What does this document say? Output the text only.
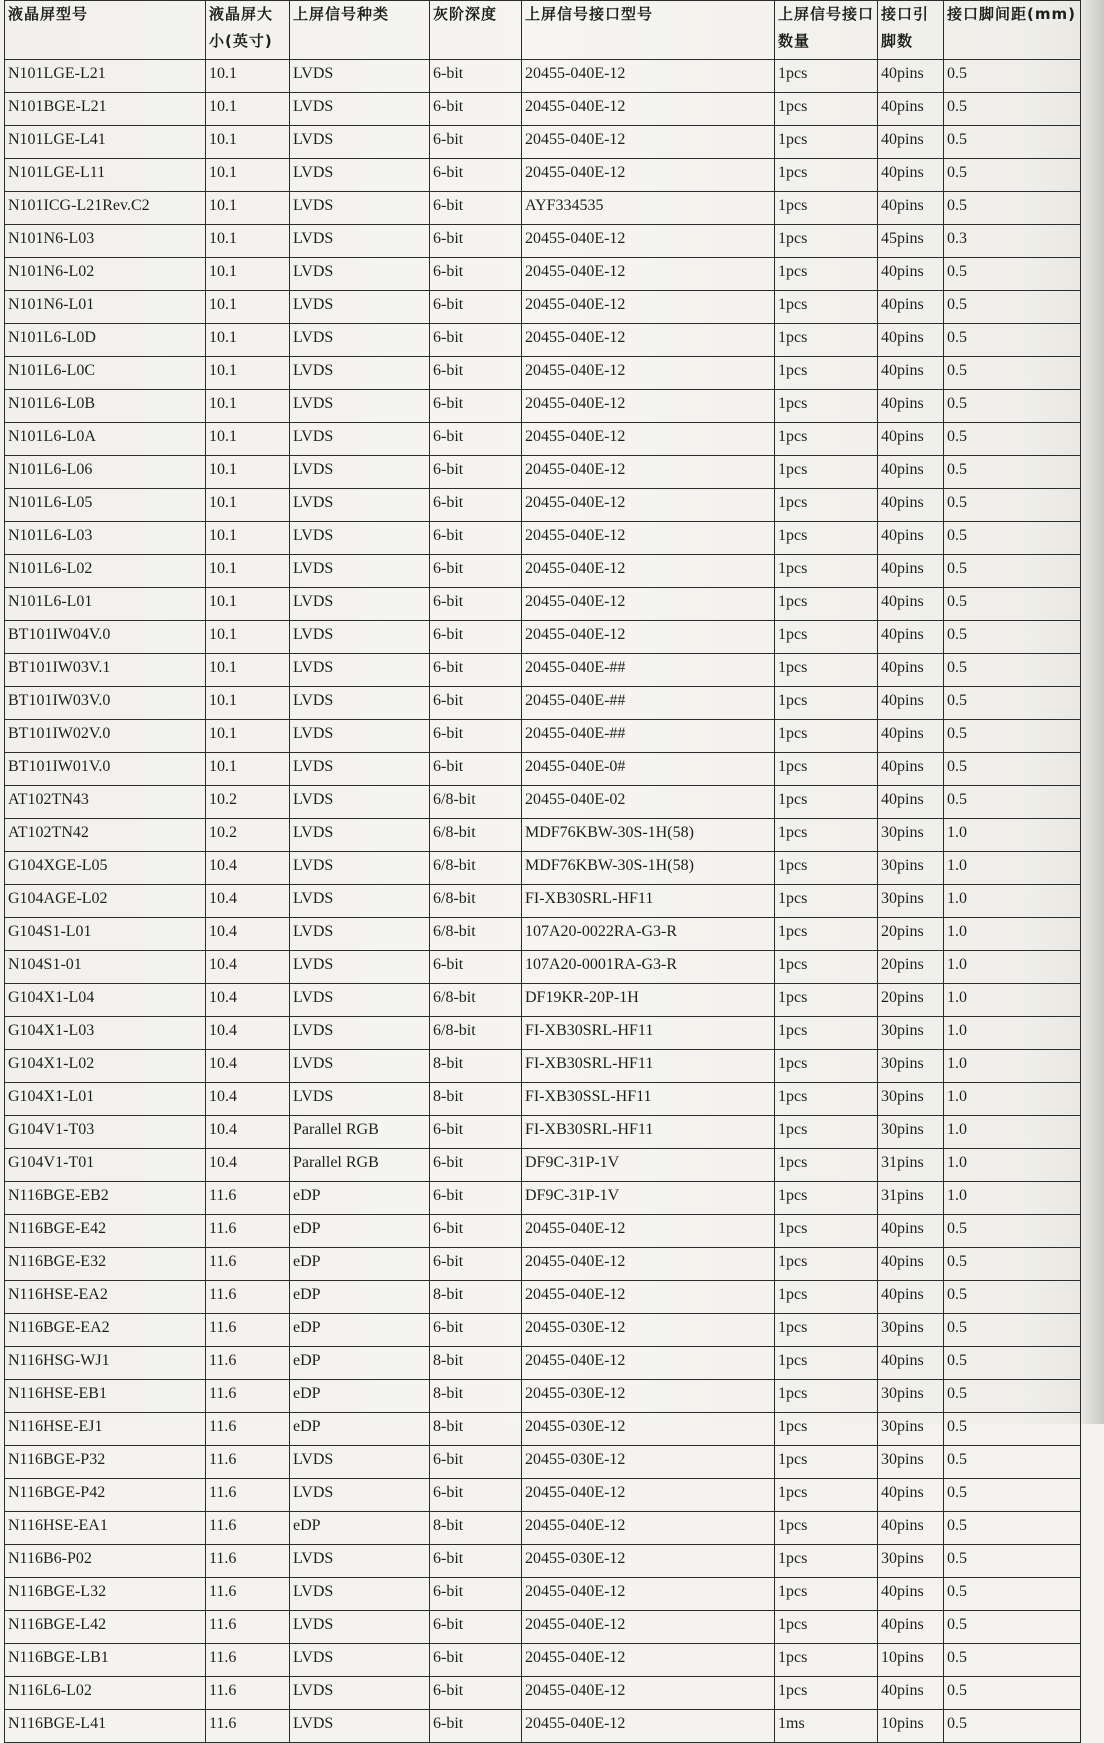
液晶屏型号	液晶屏大小(英寸)	上屏信号种类	灰阶深度	上屏信号接口型号	上屏信号接口数量	接口引脚数	接口脚间距(mm)
N101LGE-L21	10.1	LVDS	6-bit	20455-040E-12	1pcs	40pins	0.5
N101BGE-L21	10.1	LVDS	6-bit	20455-040E-12	1pcs	40pins	0.5
N101LGE-L41	10.1	LVDS	6-bit	20455-040E-12	1pcs	40pins	0.5
N101LGE-L11	10.1	LVDS	6-bit	20455-040E-12	1pcs	40pins	0.5
N101ICG-L21Rev.C2	10.1	LVDS	6-bit	AYF334535	1pcs	40pins	0.5
N101N6-L03	10.1	LVDS	6-bit	20455-040E-12	1pcs	45pins	0.3
N101N6-L02	10.1	LVDS	6-bit	20455-040E-12	1pcs	40pins	0.5
N101N6-L01	10.1	LVDS	6-bit	20455-040E-12	1pcs	40pins	0.5
N101L6-L0D	10.1	LVDS	6-bit	20455-040E-12	1pcs	40pins	0.5
N101L6-L0C	10.1	LVDS	6-bit	20455-040E-12	1pcs	40pins	0.5
N101L6-L0B	10.1	LVDS	6-bit	20455-040E-12	1pcs	40pins	0.5
N101L6-L0A	10.1	LVDS	6-bit	20455-040E-12	1pcs	40pins	0.5
N101L6-L06	10.1	LVDS	6-bit	20455-040E-12	1pcs	40pins	0.5
N101L6-L05	10.1	LVDS	6-bit	20455-040E-12	1pcs	40pins	0.5
N101L6-L03	10.1	LVDS	6-bit	20455-040E-12	1pcs	40pins	0.5
N101L6-L02	10.1	LVDS	6-bit	20455-040E-12	1pcs	40pins	0.5
N101L6-L01	10.1	LVDS	6-bit	20455-040E-12	1pcs	40pins	0.5
BT101IW04V.0	10.1	LVDS	6-bit	20455-040E-12	1pcs	40pins	0.5
BT101IW03V.1	10.1	LVDS	6-bit	20455-040E-##	1pcs	40pins	0.5
BT101IW03V.0	10.1	LVDS	6-bit	20455-040E-##	1pcs	40pins	0.5
BT101IW02V.0	10.1	LVDS	6-bit	20455-040E-##	1pcs	40pins	0.5
BT101IW01V.0	10.1	LVDS	6-bit	20455-040E-0#	1pcs	40pins	0.5
AT102TN43	10.2	LVDS	6/8-bit	20455-040E-02	1pcs	40pins	0.5
AT102TN42	10.2	LVDS	6/8-bit	MDF76KBW-30S-1H(58)	1pcs	30pins	1.0
G104XGE-L05	10.4	LVDS	6/8-bit	MDF76KBW-30S-1H(58)	1pcs	30pins	1.0
G104AGE-L02	10.4	LVDS	6/8-bit	FI-XB30SRL-HF11	1pcs	30pins	1.0
G104S1-L01	10.4	LVDS	6/8-bit	107A20-0022RA-G3-R	1pcs	20pins	1.0
N104S1-01	10.4	LVDS	6-bit	107A20-0001RA-G3-R	1pcs	20pins	1.0
G104X1-L04	10.4	LVDS	6/8-bit	DF19KR-20P-1H	1pcs	20pins	1.0
G104X1-L03	10.4	LVDS	6/8-bit	FI-XB30SRL-HF11	1pcs	30pins	1.0
G104X1-L02	10.4	LVDS	8-bit	FI-XB30SRL-HF11	1pcs	30pins	1.0
G104X1-L01	10.4	LVDS	8-bit	FI-XB30SSL-HF11	1pcs	30pins	1.0
G104V1-T03	10.4	Parallel RGB	6-bit	FI-XB30SRL-HF11	1pcs	30pins	1.0
G104V1-T01	10.4	Parallel RGB	6-bit	DF9C-31P-1V	1pcs	31pins	1.0
N116BGE-EB2	11.6	eDP	6-bit	DF9C-31P-1V	1pcs	31pins	1.0
N116BGE-E42	11.6	eDP	6-bit	20455-040E-12	1pcs	40pins	0.5
N116BGE-E32	11.6	eDP	6-bit	20455-040E-12	1pcs	40pins	0.5
N116HSE-EA2	11.6	eDP	8-bit	20455-040E-12	1pcs	40pins	0.5
N116BGE-EA2	11.6	eDP	6-bit	20455-030E-12	1pcs	30pins	0.5
N116HSG-WJ1	11.6	eDP	8-bit	20455-040E-12	1pcs	40pins	0.5
N116HSE-EB1	11.6	eDP	8-bit	20455-030E-12	1pcs	30pins	0.5
N116HSE-EJ1	11.6	eDP	8-bit	20455-030E-12	1pcs	30pins	0.5
N116BGE-P32	11.6	LVDS	6-bit	20455-030E-12	1pcs	30pins	0.5
N116BGE-P42	11.6	LVDS	6-bit	20455-040E-12	1pcs	40pins	0.5
N116HSE-EA1	11.6	eDP	8-bit	20455-040E-12	1pcs	40pins	0.5
N116B6-P02	11.6	LVDS	6-bit	20455-030E-12	1pcs	30pins	0.5
N116BGE-L32	11.6	LVDS	6-bit	20455-040E-12	1pcs	40pins	0.5
N116BGE-L42	11.6	LVDS	6-bit	20455-040E-12	1pcs	40pins	0.5
N116BGE-LB1	11.6	LVDS	6-bit	20455-040E-12	1pcs	10pins	0.5
N116L6-L02	11.6	LVDS	6-bit	20455-040E-12	1pcs	40pins	0.5
N116BGE-L41	11.6	LVDS	6-bit	20455-040E-12	1ms	10pins	0.5
